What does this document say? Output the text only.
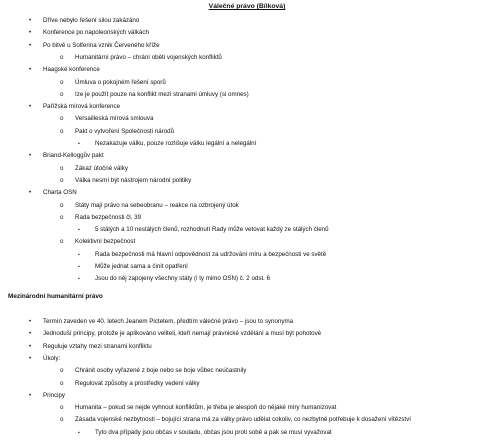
Válečné právo (Bílková)
• Dříve nebylo řešení silou zakázáno
• Konference po napoleonských válkách
• Po bitvě u Solferina vznik Červeného kříže
o Humanitární právo – chrání oběti vojenských konfliktů
• Haagské konference
o Úmluva o pokojném řešení sporů
o Ize je použít pouze na konflikt mezi stranami úmluvy (si omnes)
• Pařížská mírová konference
o Versailleská mírová smlouva
o Pakt o vytvoření Společnosti národů
▪ Nezakazuje válku, pouze rozlišuje válku legální a nelegální
• Briand-Kelloggův pakt
o Zákaz útočné války
o Válka nesmí být nástrojem národní politiky
• Charta OSN
o Státy mají právo na sebeobranu – reakce na ozbrojený útok
o Rada bezpečnosti čl. 39
▪ 5 stálých a 10 nestálých členů, rozhodnutí Rady může vetovat každý ze stálých členů
o Kolektivní bezpečnost
▪ Rada bezpečnosti má hlavní odpovědnost za udržování míru a bezpečnosti ve světě
▪ Může jednat sama a činit opatření
▪ Jsou do něj zapojeny všechny státy (i ty mimo OSN) č. 2 odst. 6
Mezinárodní humanitární právo
• Termín zaveden ve 40. letech Jeanem Pictetem, předtím válečné právo – jsou to synonyma
• Jednoduší principy, protože je aplikováno veliteli, kteří nemají právnické vzdělání a musí být pohotové
• Reguluje vztahy mezi stranami konfliktu
• Úkoly:
o Chránit osoby vyřazené z boje nebo se boje vůbec neúčastnily
o Regulovat způsoby a prostředky vedení války
• Principy
o Humanita – pokud se nejde vyhnout konfliktům, je třeba je alespoň do nějaké míry humanizovat
o Zásada vojenské nezbytnosti – bojující strana má za války právo udělat cokoliv, co nezbytně potřebuje k dosažení vítězství
▪ Tyto dva případy jsou občas v souladu, občas jsou proti sobě a pak se musí vyvažovat
